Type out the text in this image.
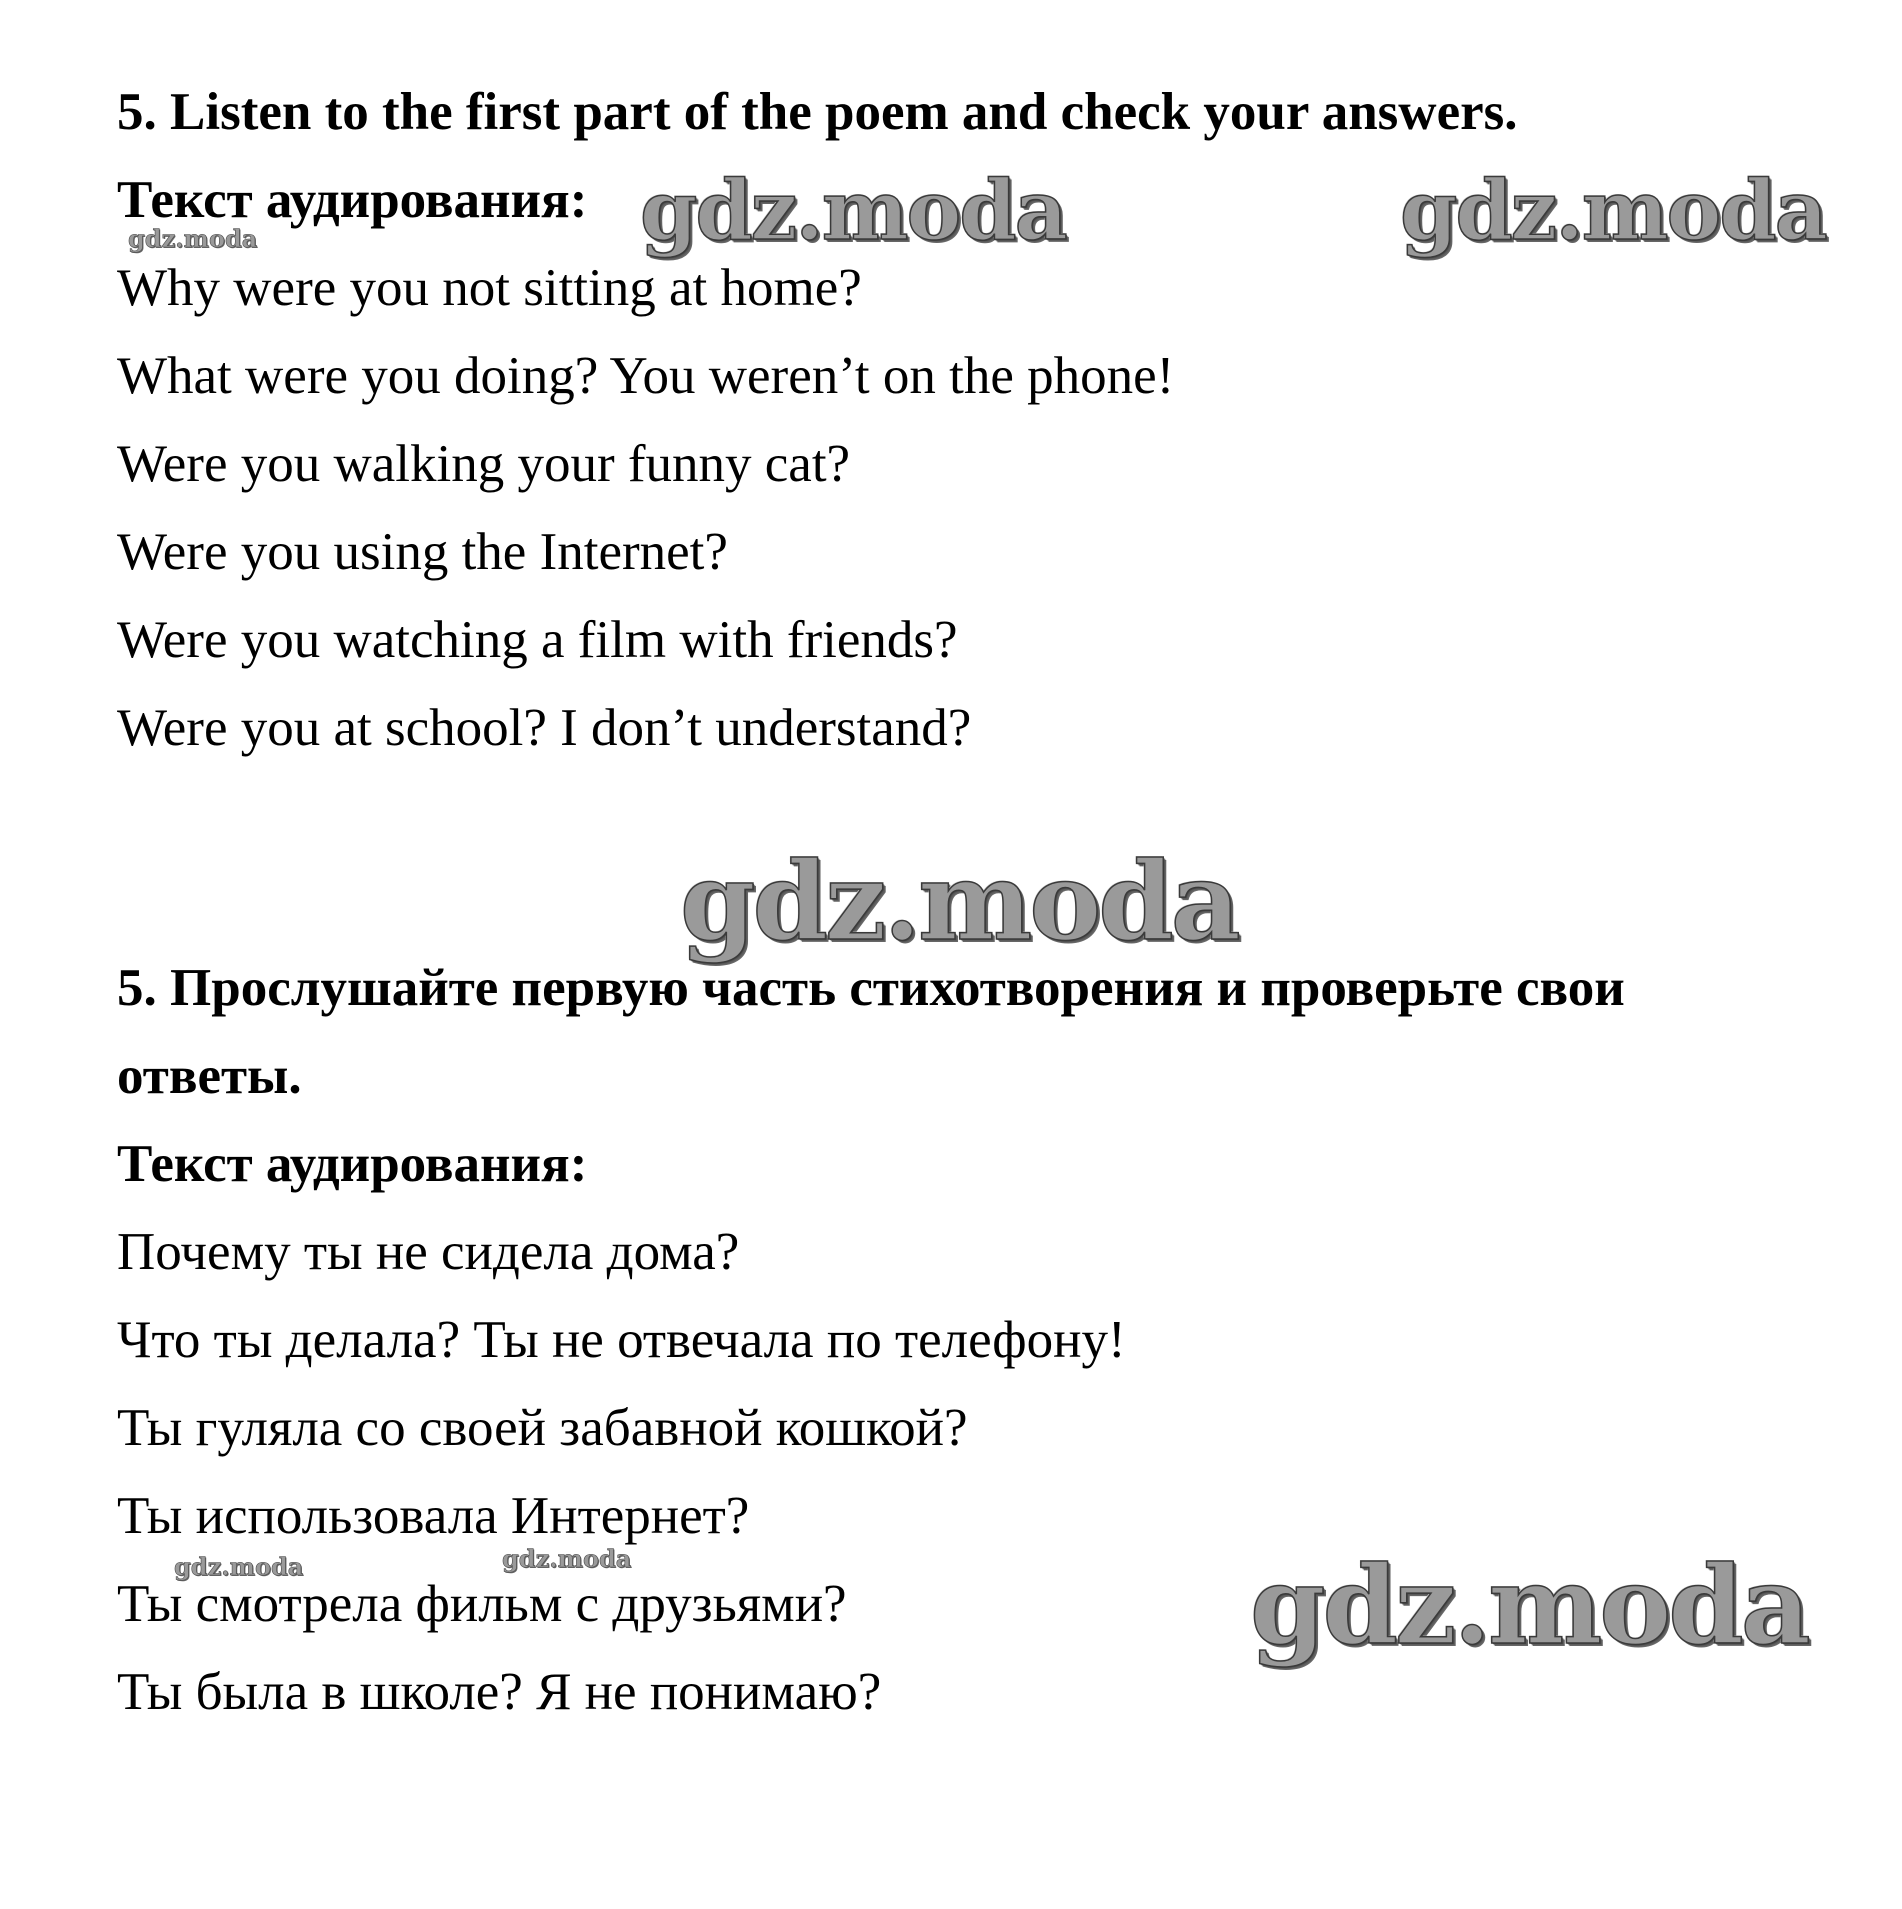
5. Listen to the first part of the poem and check your answers.
Текст аудирования:
Why were you not sitting at home?
What were you doing? You weren’t on the phone!
Were you walking your funny cat?
Were you using the Internet?
Were you watching a film with friends?
Were you at school? I don’t understand?
5. Прослушайте первую часть стихотворения и проверьте свои
ответы.
Текст аудирования:
Почему ты не сидела дома?
Что ты делала? Ты не отвечала по телефону!
Ты гуляла со своей забавной кошкой?
Ты использовала Интернет?
Ты смотрела фильм с друзьями?
Ты была в школе? Я не понимаю?
gdz.moda	gdz.moda
gdz.moda
gdz.moda
gdz.moda	gdz.moda	gdz.moda
